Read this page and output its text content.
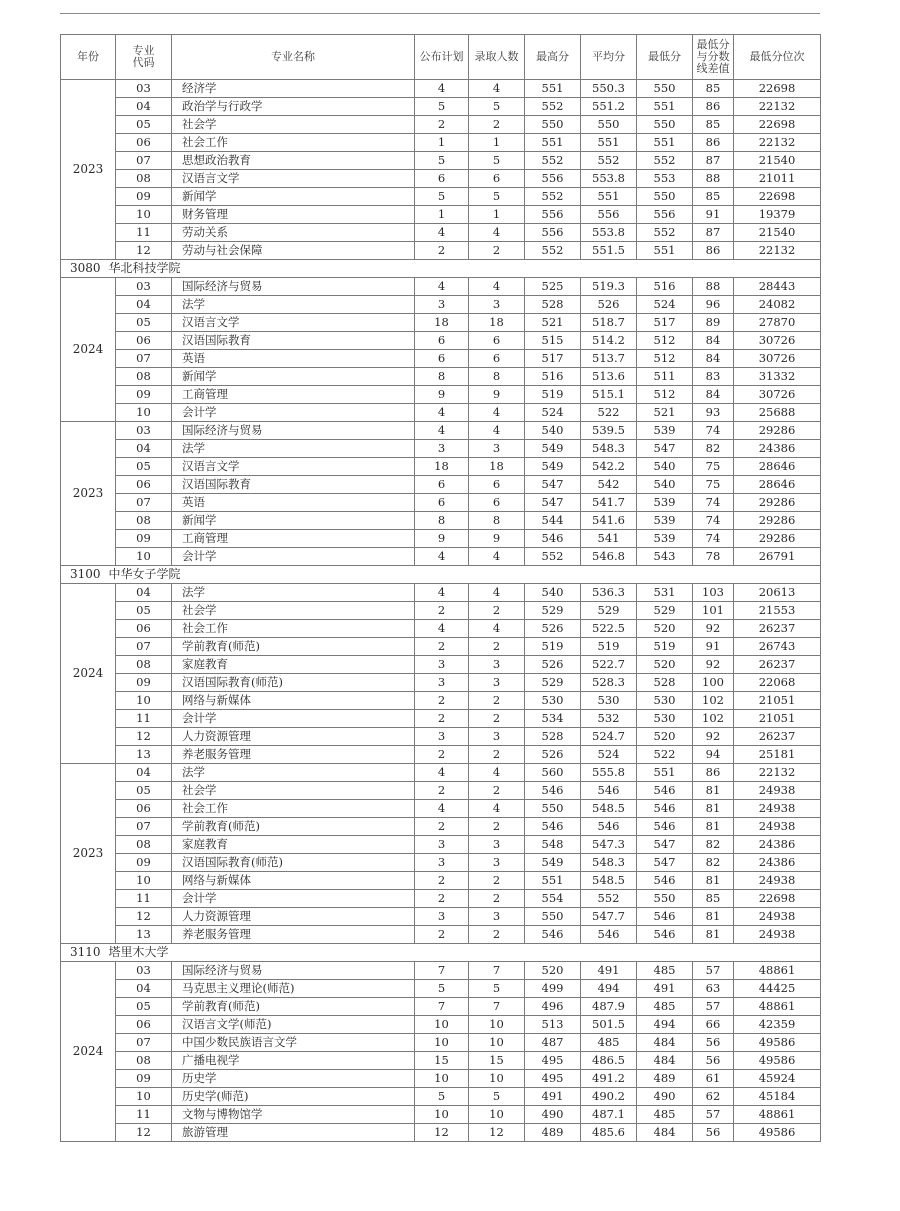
年份	专业代码	专业名称	公布计划	录取人数	最高分	平均分	最低分	最低分与分数线差值	最低分位次
2023	03	经济学	4	4	551	550.3	550	85	22698
	04	政治学与行政学	5	5	552	551.2	551	86	22132
	05	社会学	2	2	550	550	550	85	22698
	06	社会工作	1	1	551	551	551	86	22132
	07	思想政治教育	5	5	552	552	552	87	21540
	08	汉语言文学	6	6	556	553.8	553	88	21011
	09	新闻学	5	5	552	551	550	85	22698
	10	财务管理	1	1	556	556	556	91	19379
	11	劳动关系	4	4	556	553.8	552	87	21540
	12	劳动与社会保障	2	2	552	551.5	551	86	22132
3080 华北科技学院									
2024	03	国际经济与贸易	4	4	525	519.3	516	88	28443
	04	法学	3	3	528	526	524	96	24082
	05	汉语言文学	18	18	521	518.7	517	89	27870
	06	汉语国际教育	6	6	515	514.2	512	84	30726
	07	英语	6	6	517	513.7	512	84	30726
	08	新闻学	8	8	516	513.6	511	83	31332
	09	工商管理	9	9	519	515.1	512	84	30726
	10	会计学	4	4	524	522	521	93	25688
2023	03	国际经济与贸易	4	4	540	539.5	539	74	29286
	04	法学	3	3	549	548.3	547	82	24386
	05	汉语言文学	18	18	549	542.2	540	75	28646
	06	汉语国际教育	6	6	547	542	540	75	28646
	07	英语	6	6	547	541.7	539	74	29286
	08	新闻学	8	8	544	541.6	539	74	29286
	09	工商管理	9	9	546	541	539	74	29286
	10	会计学	4	4	552	546.8	543	78	26791
3100 中华女子学院									
2024	04	法学	4	4	540	536.3	531	103	20613
	05	社会学	2	2	529	529	529	101	21553
	06	社会工作	4	4	526	522.5	520	92	26237
	07	学前教育(师范)	2	2	519	519	519	91	26743
	08	家庭教育	3	3	526	522.7	520	92	26237
	09	汉语国际教育(师范)	3	3	529	528.3	528	100	22068
	10	网络与新媒体	2	2	530	530	530	102	21051
	11	会计学	2	2	534	532	530	102	21051
	12	人力资源管理	3	3	528	524.7	520	92	26237
	13	养老服务管理	2	2	526	524	522	94	25181
2023	04	法学	4	4	560	555.8	551	86	22132
	05	社会学	2	2	546	546	546	81	24938
	06	社会工作	4	4	550	548.5	546	81	24938
	07	学前教育(师范)	2	2	546	546	546	81	24938
	08	家庭教育	3	3	548	547.3	547	82	24386
	09	汉语国际教育(师范)	3	3	549	548.3	547	82	24386
	10	网络与新媒体	2	2	551	548.5	546	81	24938
	11	会计学	2	2	554	552	550	85	22698
	12	人力资源管理	3	3	550	547.7	546	81	24938
	13	养老服务管理	2	2	546	546	546	81	24938
3110 塔里木大学									
2024	03	国际经济与贸易	7	7	520	491	485	57	48861
	04	马克思主义理论(师范)	5	5	499	494	491	63	44425
	05	学前教育(师范)	7	7	496	487.9	485	57	48861
	06	汉语言文学(师范)	10	10	513	501.5	494	66	42359
	07	中国少数民族语言文学	10	10	487	485	484	56	49586
	08	广播电视学	15	15	495	486.5	484	56	49586
	09	历史学	10	10	495	491.2	489	61	45924
	10	历史学(师范)	5	5	491	490.2	490	62	45184
	11	文物与博物馆学	10	10	490	487.1	485	57	48861
	12	旅游管理	12	12	489	485.6	484	56	49586
